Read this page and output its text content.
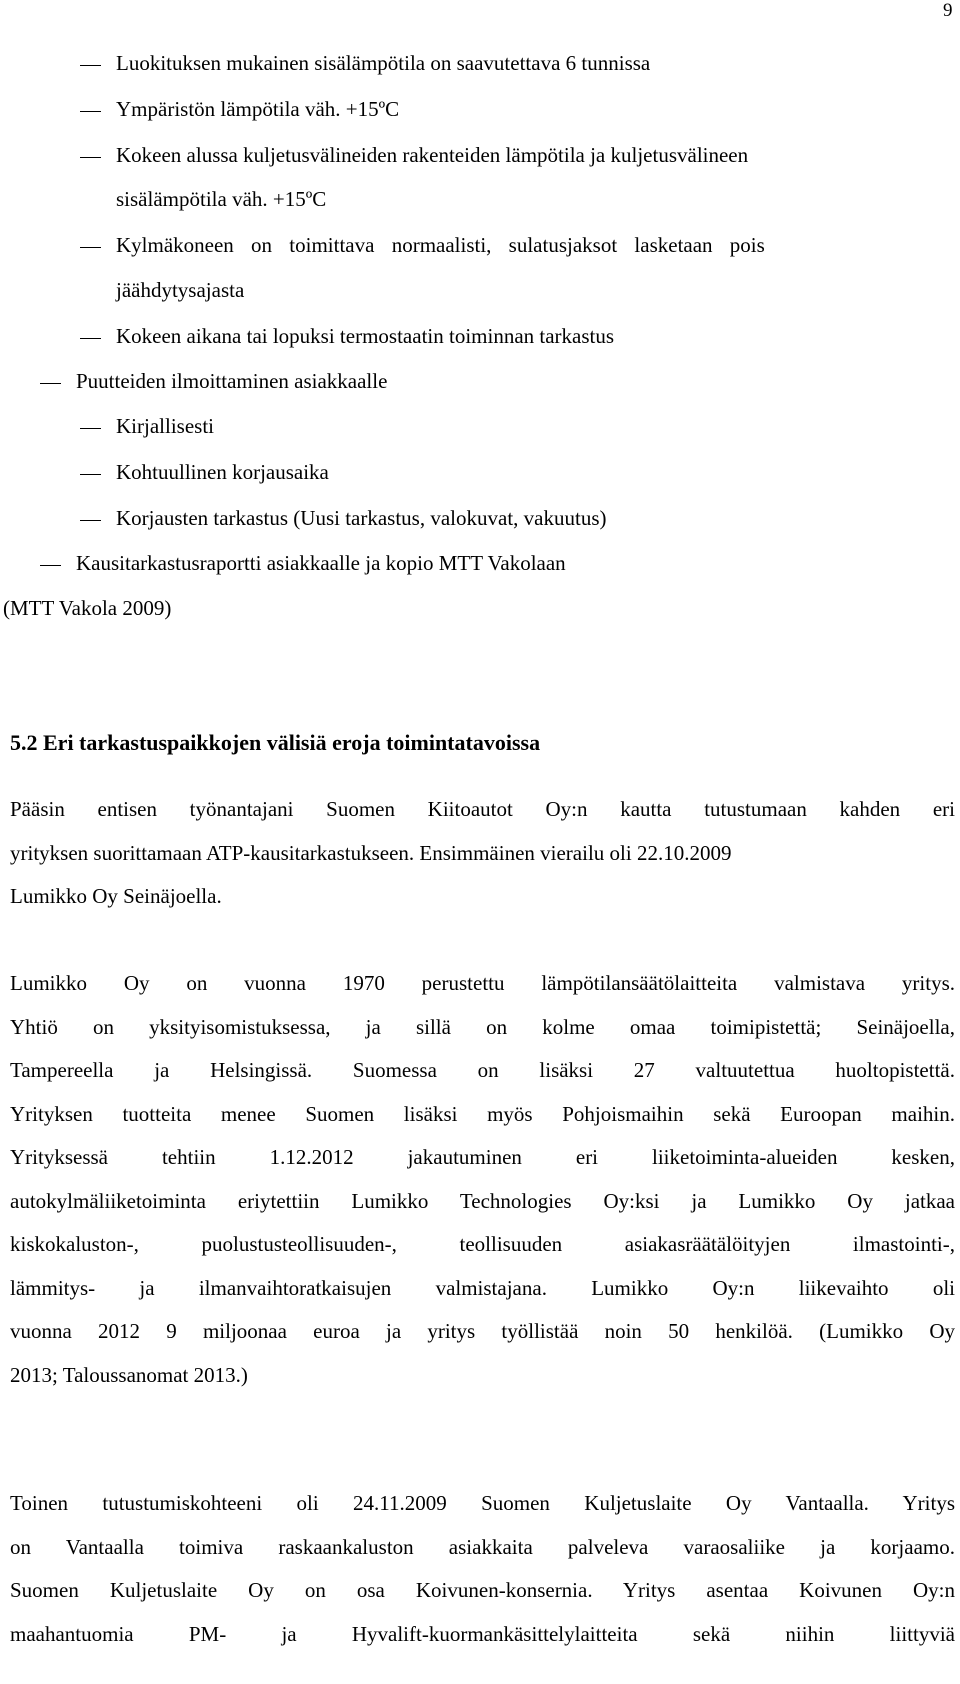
9
Luokituksen mukainen sisälämpötila on saavutettava 6 tunnissa
Ympäristön lämpötila väh. +15ºC
Kokeen alussa kuljetusvälineiden rakenteiden lämpötila ja kuljetusvälineen
sisälämpötila väh. +15ºC
Kylmäkoneen on toimittava normaalisti, sulatusjaksot lasketaan pois
jäähdytysajasta
Kokeen aikana tai lopuksi termostaatin toiminnan tarkastus
Puutteiden ilmoittaminen asiakkaalle
Kirjallisesti
Kohtuullinen korjausaika
Korjausten tarkastus (Uusi tarkastus, valokuvat, vakuutus)
Kausitarkastusraportti asiakkaalle ja kopio MTT Vakolaan
(MTT Vakola 2009)
5.2 Eri tarkastuspaikkojen välisiä eroja toimintatavoissa
Pääsin entisen työnantajani Suomen Kiitoautot Oy:n kautta tutustumaan kahden eri
yrityksen suorittamaan ATP-kausitarkastukseen. Ensimmäinen vierailu oli 22.10.2009
Lumikko Oy Seinäjoella.
Lumikko Oy on vuonna 1970 perustettu lämpötilansäätölaitteita valmistava yritys.
Yhtiö on yksityisomistuksessa, ja sillä on kolme omaa toimipistettä; Seinäjoella,
Tampereella ja Helsingissä. Suomessa on lisäksi 27 valtuutettua huoltopistettä.
Yrityksen tuotteita menee Suomen lisäksi myös Pohjoismaihin sekä Euroopan maihin.
Yrityksessä tehtiin 1.12.2012 jakautuminen eri liiketoiminta-alueiden kesken,
autokylmäliiketoiminta eriytettiin Lumikko Technologies Oy:ksi ja Lumikko Oy jatkaa
kiskokaluston-, puolustusteollisuuden-, teollisuuden asiakasräätälöityjen ilmastointi-,
lämmitys- ja ilmanvaihtoratkaisujen valmistajana. Lumikko Oy:n liikevaihto oli
vuonna 2012 9 miljoonaa euroa ja yritys työllistää noin 50 henkilöä. (Lumikko Oy
2013; Taloussanomat 2013.)
Toinen tutustumiskohteeni oli 24.11.2009 Suomen Kuljetuslaite Oy Vantaalla. Yritys
on Vantaalla toimiva raskaankaluston asiakkaita palveleva varaosaliike ja korjaamo.
Suomen Kuljetuslaite Oy on osa Koivunen-konsernia. Yritys asentaa Koivunen Oy:n
maahantuomia PM- ja Hyvalift-kuormankäsittelylaitteita sekä niihin liittyviä
